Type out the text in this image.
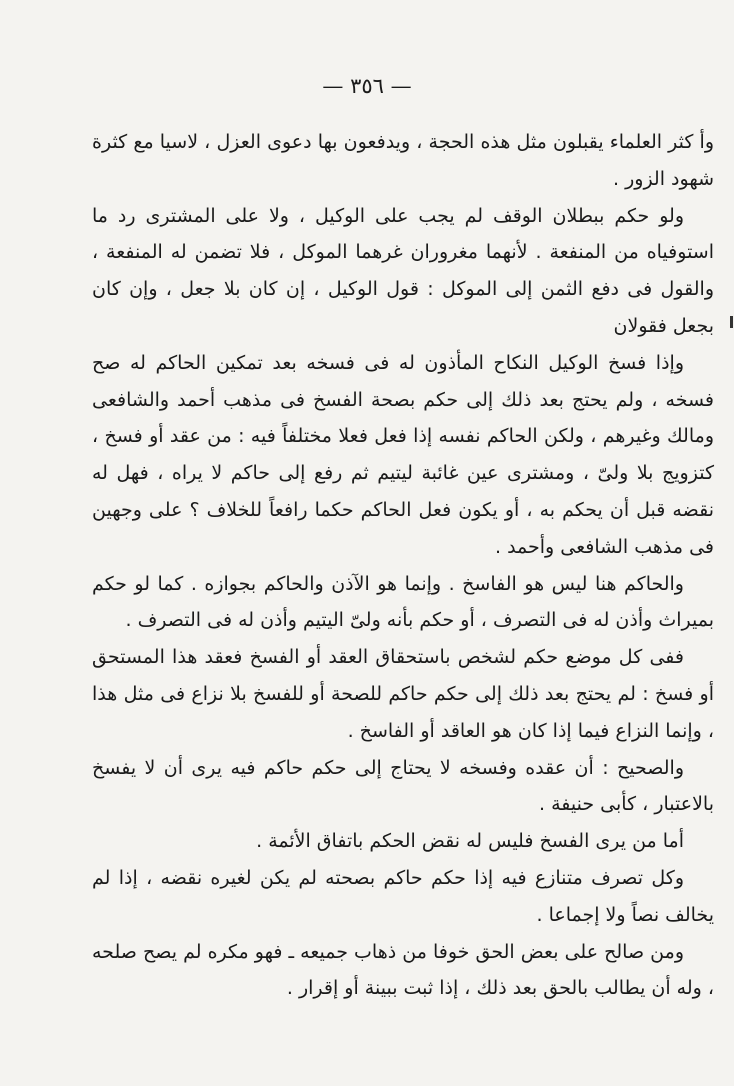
— ٣٥٦ —

وأ كثر العلماء يقبلون مثل هذه الحجة ، ويدفعون بها دعوى العزل ، لاسيا مع كثرة شهود الزور .

ولو حكم ببطلان الوقف لم يجب على الوكيل ، ولا على المشترى رد ما استوفياه من المنفعة . لأنهما مغروران غرهما الموكل ، فلا تضمن له المنفعة ، والقول فى دفع الثمن إلى الموكل : قول الوكيل ، إن كان بلا جعل ، وإن كان بجعل فقولان

وإذا فسخ الوكيل النكاح المأذون له فى فسخه بعد تمكين الحاكم له صح فسخه ، ولم يحتج بعد ذلك إلى حكم بصحة الفسخ فى مذهب أحمد والشافعى ومالك وغيرهم ، ولكن الحاكم نفسه إذا فعل فعلا مختلفاً فيه : من عقد أو فسخ ، كتزويج بلا ولىّ ، ومشترى عين غائبة ليتيم ثم رفع إلى حاكم لا يراه ، فهل له نقضه قبل أن يحكم به ، أو يكون فعل الحاكم حكما رافعاً للخلاف ؟ على وجهين فى مذهب الشافعى وأحمد .

والحاكم هنا ليس هو الفاسخ . وإنما هو الآذن والحاكم بجوازه . كما لو حكم بميراث وأذن له فى التصرف ، أو حكم بأنه ولىّ اليتيم وأذن له فى التصرف .

ففى كل موضع حكم لشخص باستحقاق العقد أو الفسخ فعقد هذا المستحق أو فسخ : لم يحتج بعد ذلك إلى حكم حاكم للصحة أو للفسخ بلا نزاع فى مثل هذا ، وإنما النزاع فيما إذا كان هو العاقد أو الفاسخ .

والصحيح : أن عقده وفسخه لا يحتاج إلى حكم حاكم فيه يرى أن لا يفسخ بالاعتبار ، كأبى حنيفة .

أما من يرى الفسخ فليس له نقض الحكم باتفاق الأئمة .

وكل تصرف متنازع فيه إذا حكم حاكم بصحته لم يكن لغيره نقضه ، إذا لم يخالف نصاً ولا إجماعا .

ومن صالح على بعض الحق خوفا من ذهاب جميعه ـ فهو مكره لم يصح صلحه ، وله أن يطالب بالحق بعد ذلك ، إذا ثبت ببينة أو إقرار .
